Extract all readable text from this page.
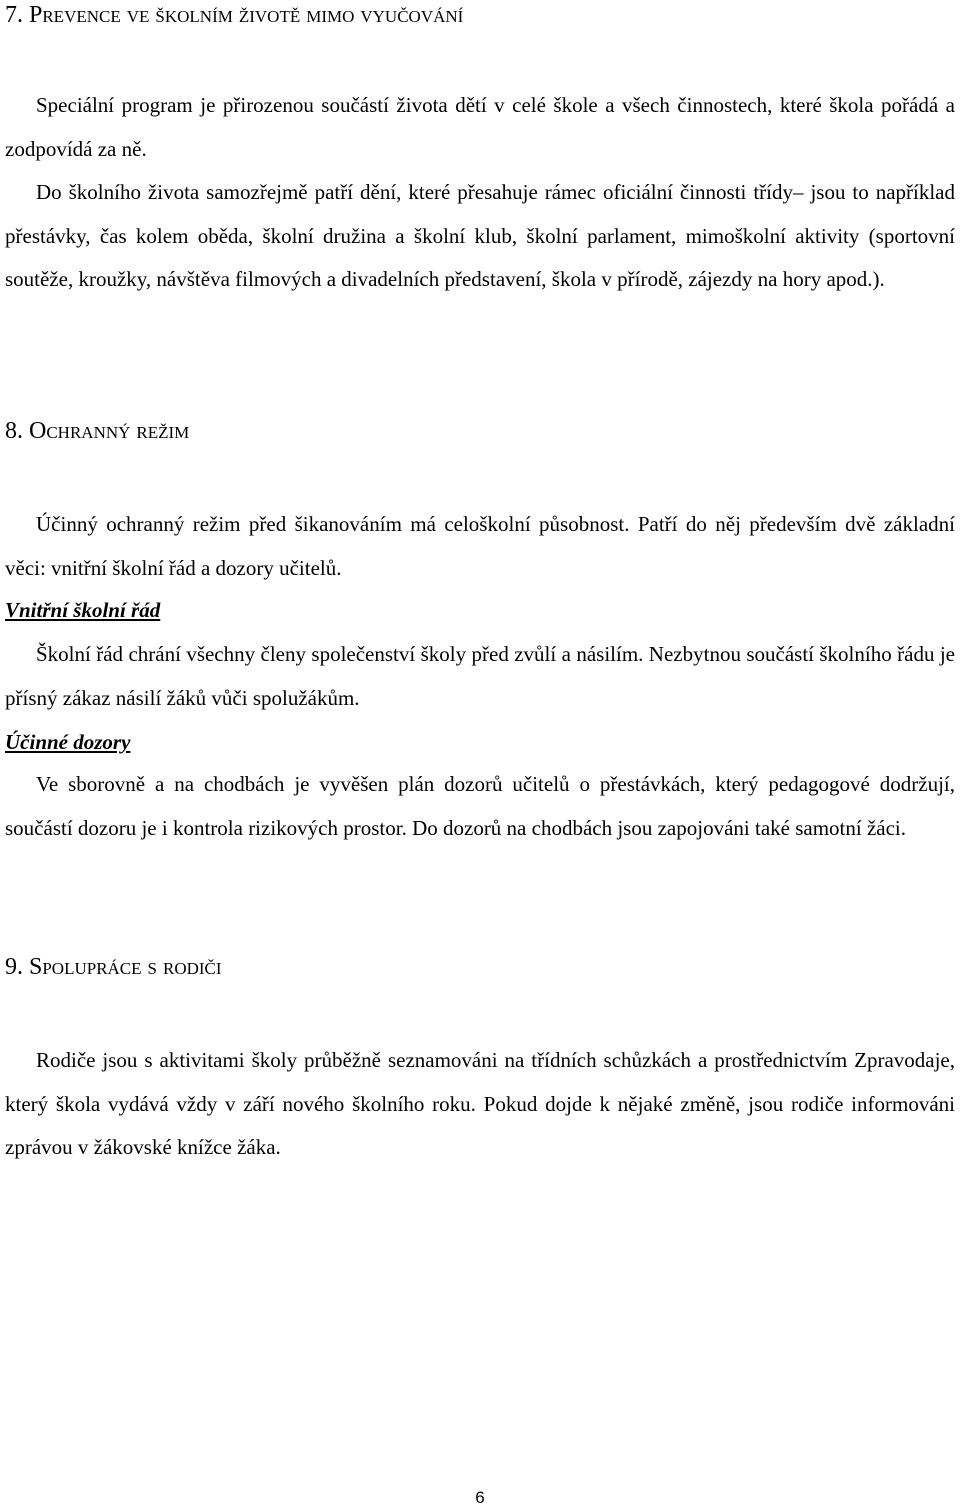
7. Prevence ve školním životě mimo vyučování

Speciální program je přirozenou součástí života dětí v celé škole a všech činnostech, které škola pořádá a zodpovídá za ně.

Do školního života samozřejmě patří dění, které přesahuje rámec oficiální činnosti třídy– jsou to například přestávky, čas kolem oběda, školní družina a školní klub, školní parlament, mimoškolní aktivity (sportovní soutěže, kroužky, návštěva filmových a divadelních představení, škola v přírodě, zájezdy na hory apod.).

8. Ochranný režim

Účinný ochranný režim před šikanováním má celoškolní působnost. Patří do něj především dvě základní věci: vnitřní školní řád a dozory učitelů.

Vnitřní školní řád

Školní řád chrání všechny členy společenství školy před zvůlí a násilím. Nezbytnou součástí školního řádu je přísný zákaz násilí žáků vůči spolužákům.

Účinné dozory

Ve sborovně a na chodbách je vyvěšen plán dozorů učitelů o přestávkách, který pedagogové dodržují, součástí dozoru je i kontrola rizikových prostor. Do dozorů na chodbách jsou zapojováni také samotní žáci.

9. Spolupráce s rodiči

Rodiče jsou s aktivitami školy průběžně seznamováni na třídních schůzkách a prostřednictvím Zpravodaje, který škola vydává vždy v září nového školního roku. Pokud dojde k nějaké změně, jsou rodiče informováni zprávou v žákovské knížce žáka.

6
